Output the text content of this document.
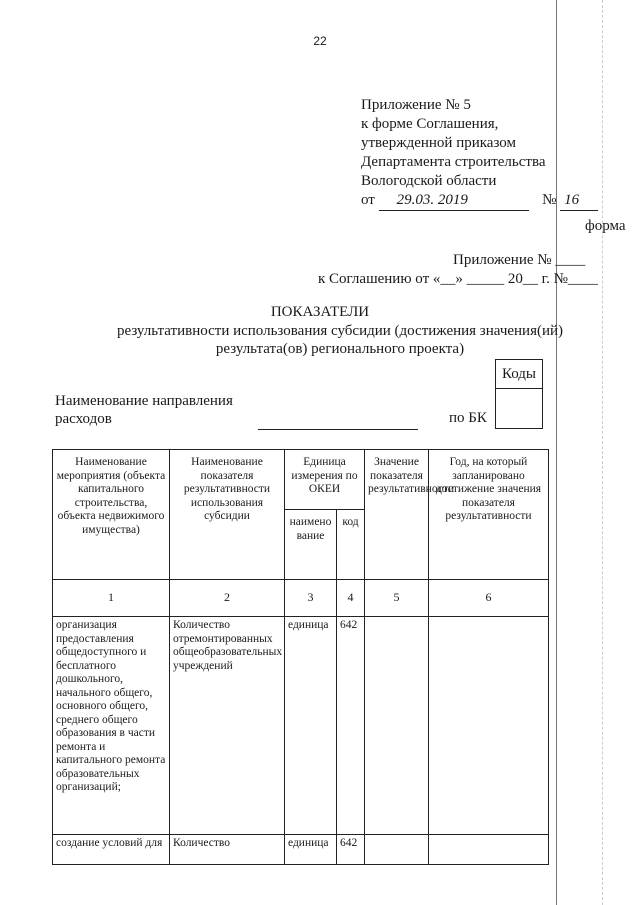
22
Приложение № 5
к форме Соглашения,
утвержденной приказом
Департамента строительства
Вологодской области
от 29.03. 2019	№ 16
форма
Приложение № ____
к Соглашению от «__» _____ 20__ г. №____
ПОКАЗАТЕЛИ
результативности использования субсидии (достижения значения(ий) результата(ов) регионального проекта)
Коды
Наименование направления
расходов	по БК
Наименование мероприятия (объекта капитального строительства, объекта недвижимого имущества)	Наименование показателя результативности использования субсидии	Единица измерения по ОКЕИ		Значение показателя результативности	Год, на который запланировано достижение значения показателя результативности
		наименование	код		
1	2	3	4	5	6
организация предоставления общедоступного и бесплатного дошкольного, начального общего, основного общего, среднего общего образования в части ремонта и капитального ремонта образовательных организаций;	Количество отремонтированных общеобразовательных учреждений	единица	642		
создание условий для	Количество	единица	642		
